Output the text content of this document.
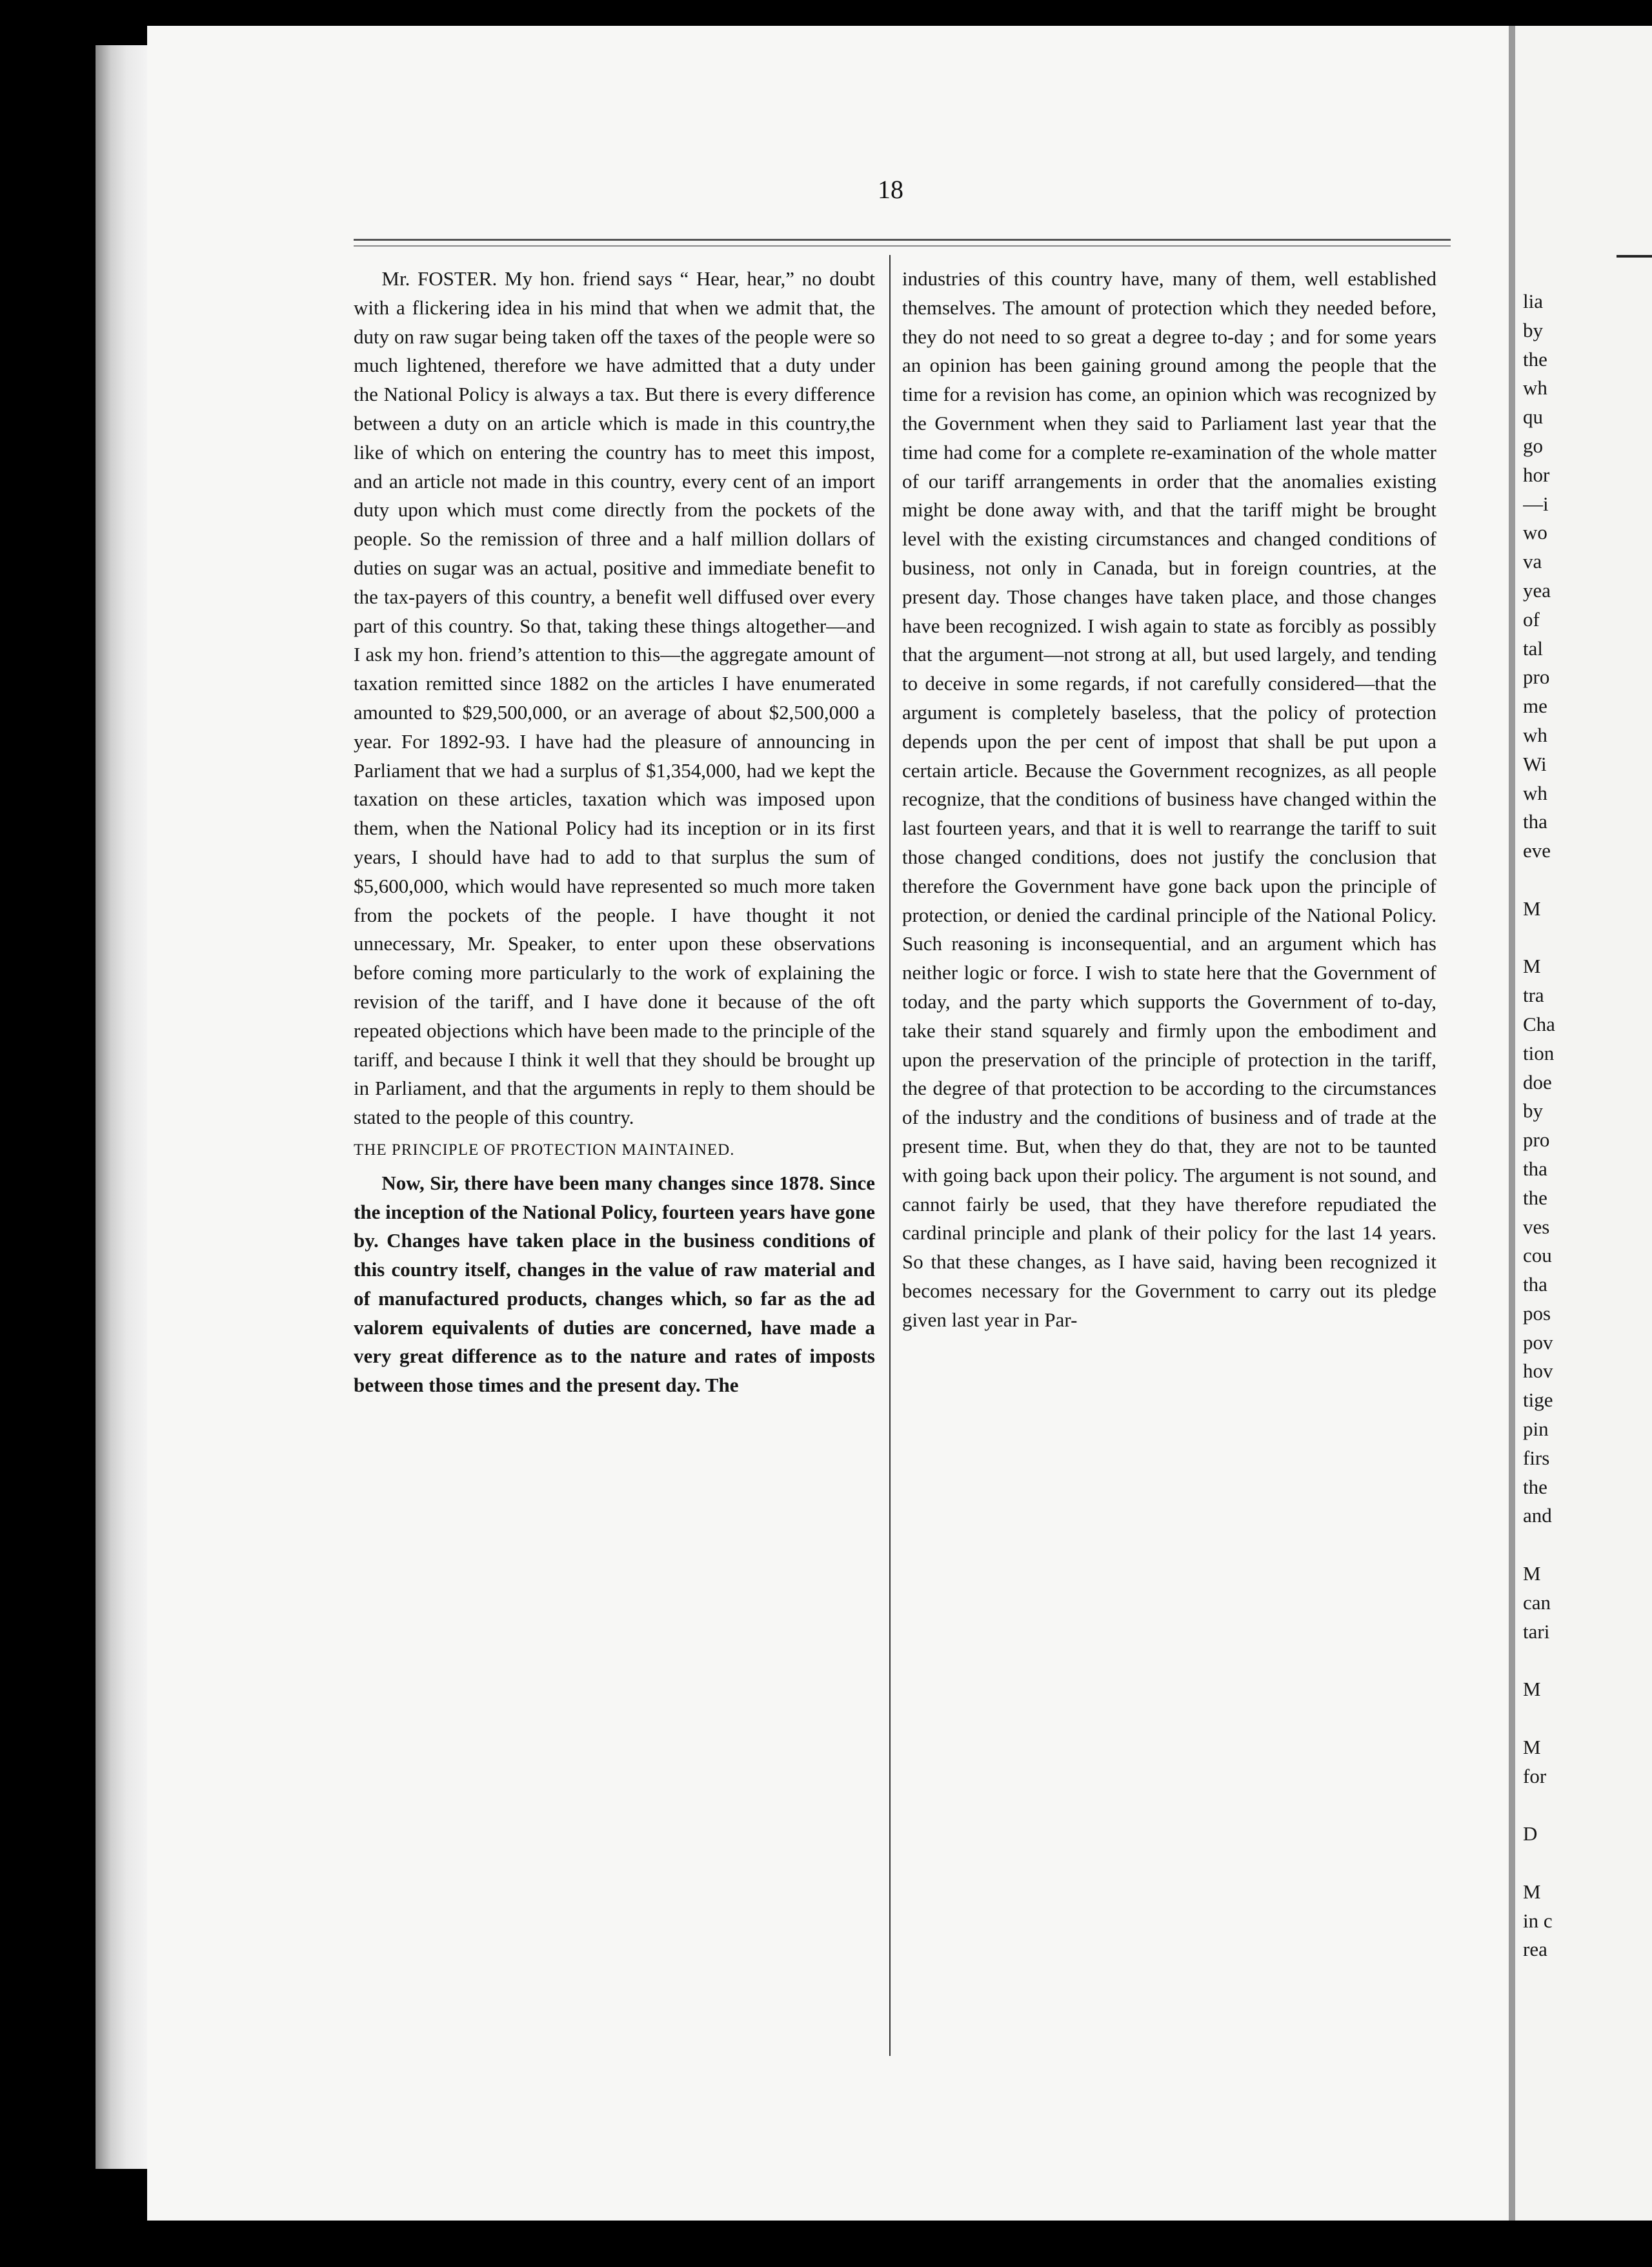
18

Mr. FOSTER. My hon. friend says “ Hear, hear,” no doubt with a flickering idea in his mind that when we admit that, the duty on raw sugar being taken off the taxes of the people were so much lightened, therefore we have admitted that a duty under the National Policy is always a tax. But there is every difference between a duty on an article which is made in this country,the like of which on entering the country has to meet this impost, and an article not made in this country, every cent of an import duty upon which must come directly from the pockets of the people. So the remission of three and a half million dollars of duties on sugar was an actual, positive and immediate benefit to the tax-payers of this country, a benefit well diffused over every part of this country. So that, taking these things altogether—and I ask my hon. friend’s attention to this—the aggregate amount of taxation remitted since 1882 on the articles I have enumerated amounted to $29,500,000, or an average of about $2,500,000 a year. For 1892-93. I have had the pleasure of announcing in Parliament that we had a surplus of $1,354,000, had we kept the taxation on these articles, taxation which was imposed upon them, when the National Policy had its inception or in its first years, I should have had to add to that surplus the sum of $5,600,000, which would have represented so much more taken from the pockets of the people. I have thought it not unnecessary, Mr. Speaker, to enter upon these observations before coming more particularly to the work of explaining the revision of the tariff, and I have done it because of the oft repeated objections which have been made to the principle of the tariff, and because I think it well that they should be brought up in Parliament, and that the arguments in reply to them should be stated to the people of this country.

THE PRINCIPLE OF PROTECTION MAINTAINED.

Now, Sir, there have been many changes since 1878. Since the inception of the National Policy, fourteen years have gone by. Changes have taken place in the business conditions of this country itself, changes in the value of raw material and of manufactured products, changes which, so far as the ad valorem equivalents of duties are concerned, have made a very great difference as to the nature and rates of imposts between those times and the present day. The

industries of this country have, many of them, well established themselves. The amount of protection which they needed before, they do not need to so great a degree to-day ; and for some years an opinion has been gaining ground among the people that the time for a revision has come, an opinion which was recognized by the Government when they said to Parliament last year that the time had come for a complete re-examination of the whole matter of our tariff arrangements in order that the anomalies existing might be done away with, and that the tariff might be brought level with the existing circumstances and changed conditions of business, not only in Canada, but in foreign countries, at the present day. Those changes have taken place, and those changes have been recognized. I wish again to state as forcibly as possibly that the argument—not strong at all, but used largely, and tending to deceive in some regards, if not carefully considered—that the argument is completely baseless, that the policy of protection depends upon the per cent of impost that shall be put upon a certain article. Because the Government recognizes, as all people recognize, that the conditions of business have changed within the last fourteen years, and that it is well to rearrange the tariff to suit those changed conditions, does not justify the conclusion that therefore the Government have gone back upon the principle of protection, or denied the cardinal principle of the National Policy. Such reasoning is inconsequential, and an argument which has neither logic or force. I wish to state here that the Government of today, and the party which supports the Government of to-day, take their stand squarely and firmly upon the embodiment and upon the preservation of the principle of protection in the tariff, the degree of that protection to be according to the circumstances of the industry and the conditions of business and of trade at the present time. But, when they do that, they are not to be taunted with going back upon their policy. The argument is not sound, and cannot fairly be used, that they have therefore repudiated the cardinal principle and plank of their policy for the last 14 years. So that these changes, as I have said, having been recognized it becomes necessary for the Government to carry out its pledge given last year in Par-

lia
by
the
wh
qu
go
hor
—i
wo
va
yea
of
tal
pro
me
wh
Wi
wh
tha
eve
M
M
tra
Cha
tion
doe
by
pro
tha
the
ves
cou
tha
pos
pov
hov
tige
pin
firs
the
and
M
can
tari
M
M
for
D
M
in c
rea
